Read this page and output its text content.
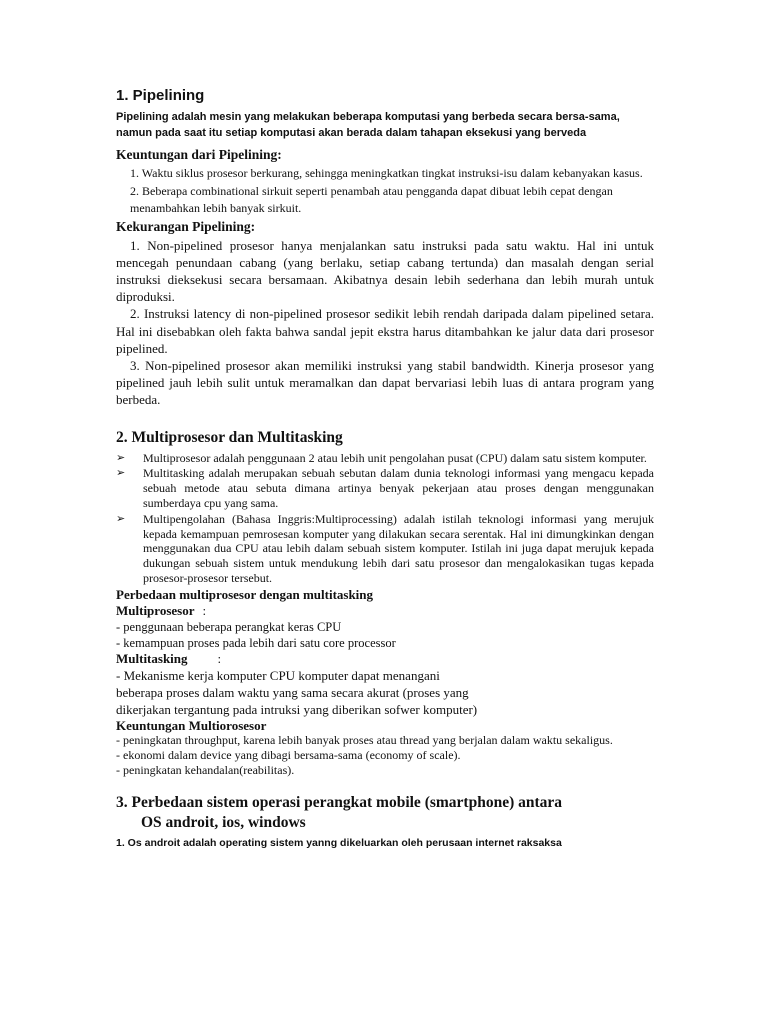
1. Pipelining

Pipelining adalah mesin yang melakukan beberapa komputasi yang berbeda secara bersa-sama, namun pada saat itu setiap komputasi akan berada dalam tahapan eksekusi yang berveda

Keuntungan dari Pipelining:

1. Waktu siklus prosesor berkurang, sehingga meningkatkan tingkat instruksi-isu dalam kebanyakan kasus.

2. Beberapa combinational sirkuit seperti penambah atau pengganda dapat dibuat lebih cepat dengan menambahkan lebih banyak sirkuit.

Kekurangan Pipelining:

1. Non-pipelined prosesor hanya menjalankan satu instruksi pada satu waktu. Hal ini untuk mencegah penundaan cabang (yang berlaku, setiap cabang tertunda) dan masalah dengan serial instruksi dieksekusi secara bersamaan. Akibatnya desain lebih sederhana dan lebih murah untuk diproduksi.

2. Instruksi latency di non-pipelined prosesor sedikit lebih rendah daripada dalam pipelined setara. Hal ini disebabkan oleh fakta bahwa sandal jepit ekstra harus ditambahkan ke jalur data dari prosesor pipelined.

3. Non-pipelined prosesor akan memiliki instruksi yang stabil bandwidth. Kinerja prosesor yang pipelined jauh lebih sulit untuk meramalkan dan dapat bervariasi lebih luas di antara program yang berbeda.

2. Multiprosesor dan Multitasking
➢ Multiprosesor adalah penggunaan 2 atau lebih unit pengolahan pusat (CPU) dalam satu sistem komputer.
➢ Multitasking adalah merupakan sebuah sebutan dalam dunia teknologi informasi yang mengacu kepada sebuah metode atau sebuta dimana artinya benyak pekerjaan atau proses dengan menggunakan sumberdaya cpu yang sama.
➢ Multipengolahan (Bahasa Inggris:Multiprocessing) adalah istilah teknologi informasi yang merujuk kepada kemampuan pemrosesan komputer yang dilakukan secara serentak. Hal ini dimungkinkan dengan menggunakan dua CPU atau lebih dalam sebuah sistem komputer. Istilah ini juga dapat merujuk kepada dukungan sebuah sistem untuk mendukung lebih dari satu prosesor dan mengalokasikan tugas kepada prosesor-prosesor tersebut.

Perbedaan multiprosesor dengan multitasking

Multiprosesor :

- penggunaan beberapa perangkat keras CPU

- kemampuan proses pada lebih dari satu core processor

Multitasking :

- Mekanisme kerja komputer CPU komputer dapat menangani

beberapa proses dalam waktu yang sama secara akurat (proses yang

dikerjakan tergantung pada intruksi yang diberikan sofwer komputer)

Keuntungan Multiorosesor

- peningkatan throughput, karena lebih banyak proses atau thread yang berjalan dalam waktu sekaligus.

- ekonomi dalam device yang dibagi bersama-sama (economy of scale).

- peningkatan kehandalan(reabilitas).

3. Perbedaan sistem operasi perangkat mobile (smartphone) antara
OS androit, ios, windows

1. Os androit adalah operating sistem yanng dikeluarkan oleh perusaan internet raksaksa
